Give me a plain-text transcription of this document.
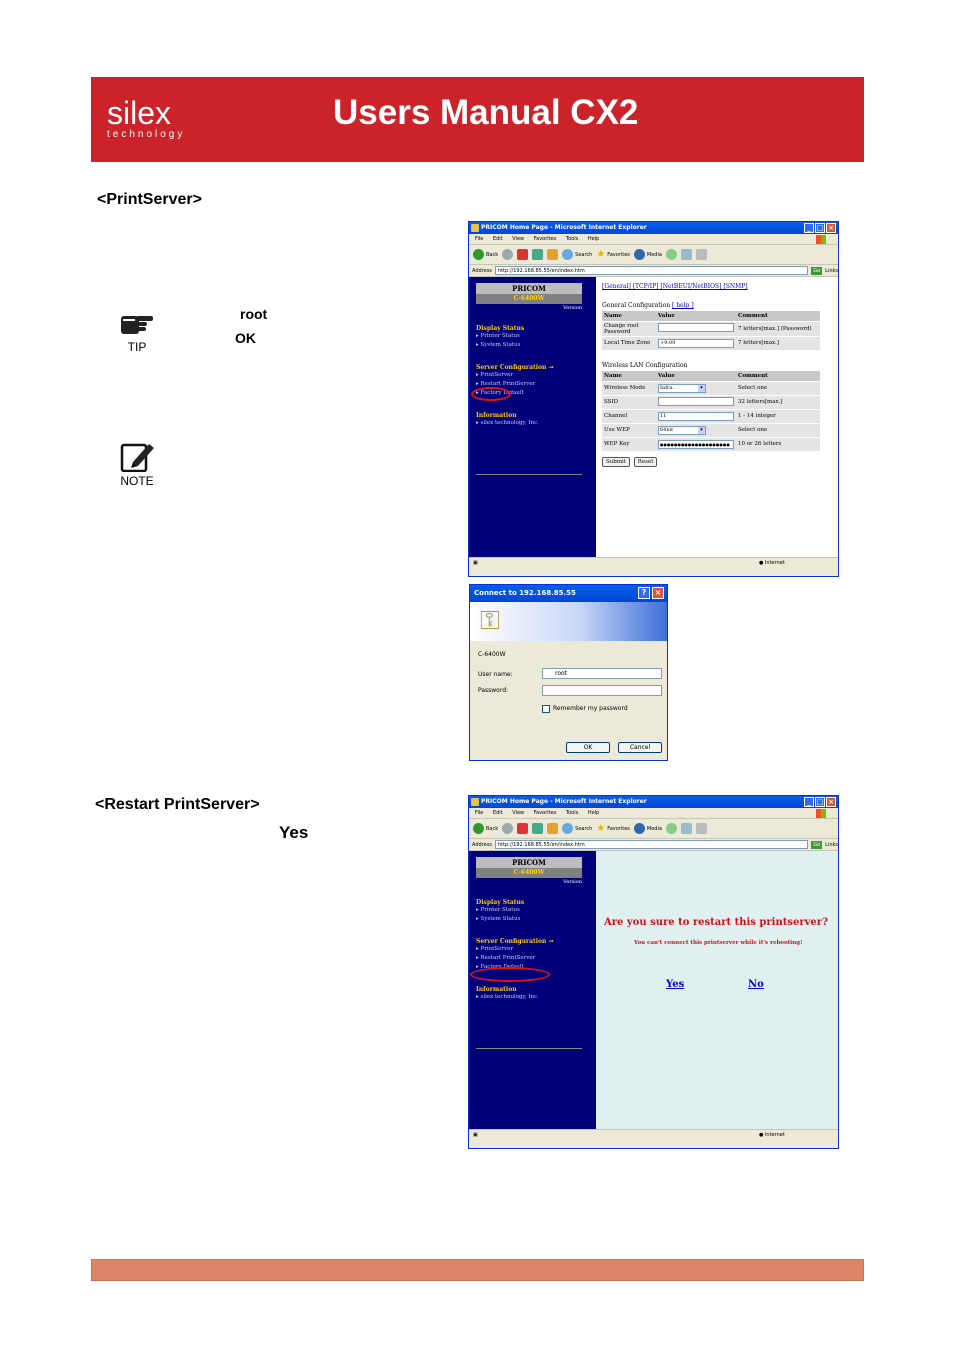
silex
technology
Users Manual CX2
<PrintServer>
TIP
root
OK
NOTE
PRICOM Home Page - Microsoft Internet Explorer	_ □ ×
File Edit View Favorites Tools Help
Back	Search ★ Favorites	Media
Address	http://192.168.85.55/en/index.htm	Go	Links
PRICOM
C-6400W
Version
Display Status
▸ Printer Status
▸ System Status
Server Configuration ⊸
▸ PrintServer
▸ Restart PrintServer
▸ Factory Default
Information
▸ silex technology, Inc.
[General] [TCP/IP] [NetBEUI/NetBIOS] [SNMP]
General Configuration [ help ]
Name	Value	Comment
Change root Password		7 letters[max.] (Password)
Local Time Zone	+9:00	7 letters[max.]
Wireless LAN Configuration
Name	Value	Comment
Wireless Mode	Infra. ▾	Select one
SSID		32 letters[max.]
Channel	11	1 - 14 integer
Use WEP	64bit ▾	Select one
WEP Key	●●●●●●●●●●●●●●●●●●●●	10 or 26 letters
Submit Reset
▣	● Internet
Connect to 192.168.85.55	?	×
⚿
C-6400W
User name:	root
Password:
Remember my password
OK	Cancel
<Restart PrintServer>
Yes
PRICOM Home Page - Microsoft Internet Explorer	_ □ ×
File Edit View Favorites Tools Help
Back	Search ★ Favorites	Media
Address	http://192.168.85.55/en/index.htm	Go	Links
PRICOM
C-6400W
Version
Display Status
▸ Printer Status
▸ System Status
Server Configuration ⊸
▸ PrintServer
▸ Restart PrintServer
▸ Factory Default
Information
▸ silex technology, Inc.
Are you sure to restart this printserver?
You can't connect this printserver while it's rebooting!
Yes	No
▣	● Internet
